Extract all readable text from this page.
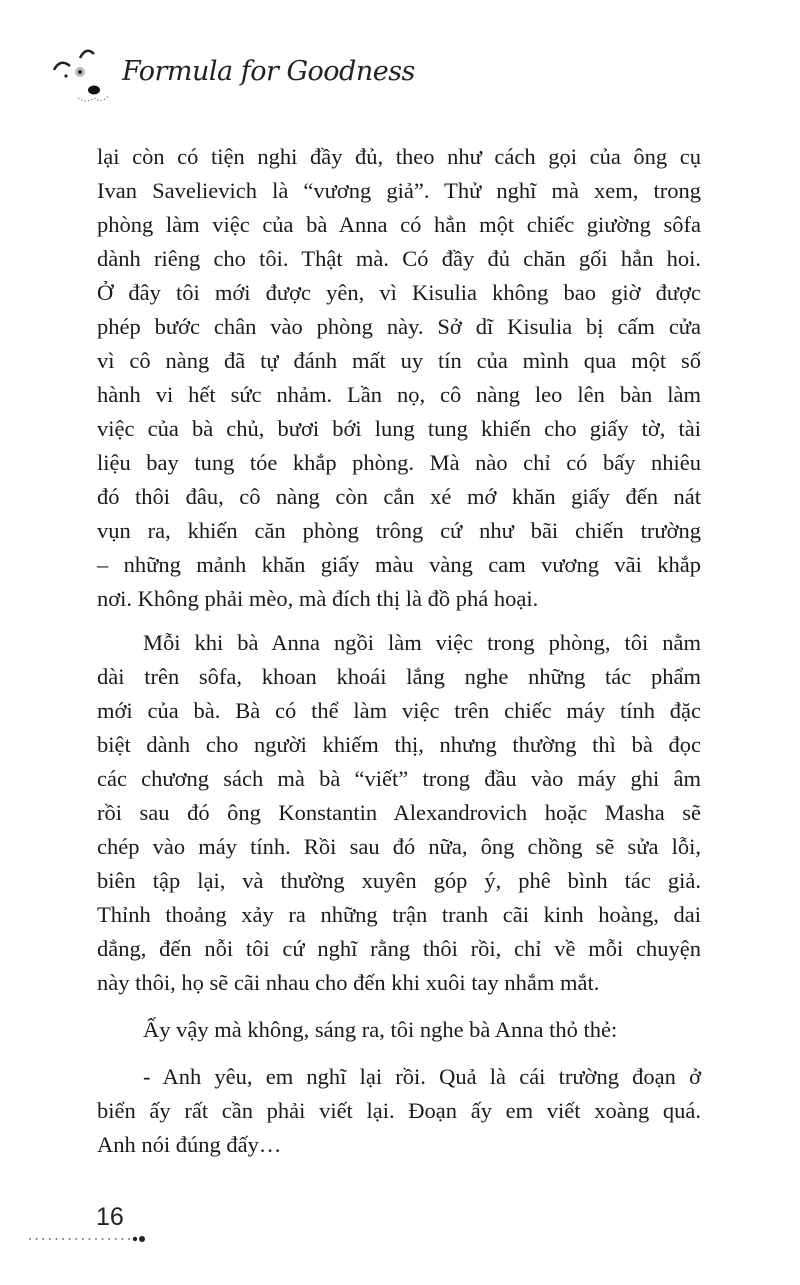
Formula for Goodness
lại còn có tiện nghi đầy đủ, theo như cách gọi của ông cụ
Ivan Savelievich là “vương giả”. Thử nghĩ mà xem, trong
phòng làm việc của bà Anna có hẳn một chiếc giường sôfa
dành riêng cho tôi. Thật mà. Có đầy đủ chăn gối hẳn hoi.
Ở đây tôi mới được yên, vì Kisulia không bao giờ được
phép bước chân vào phòng này. Sở dĩ Kisulia bị cấm cửa
vì cô nàng đã tự đánh mất uy tín của mình qua một số
hành vi hết sức nhảm. Lần nọ, cô nàng leo lên bàn làm
việc của bà chủ, bươi bới lung tung khiến cho giấy tờ, tài
liệu bay tung tóe khắp phòng. Mà nào chỉ có bấy nhiêu
đó thôi đâu, cô nàng còn cắn xé mớ khăn giấy đến nát
vụn ra, khiến căn phòng trông cứ như bãi chiến trường
– những mảnh khăn giấy màu vàng cam vương vãi khắp
nơi. Không phải mèo, mà đích thị là đồ phá hoại.
Mỗi khi bà Anna ngồi làm việc trong phòng, tôi nằm
dài trên sôfa, khoan khoái lắng nghe những tác phẩm
mới của bà. Bà có thể làm việc trên chiếc máy tính đặc
biệt dành cho người khiếm thị, nhưng thường thì bà đọc
các chương sách mà bà “viết” trong đầu vào máy ghi âm
rồi sau đó ông Konstantin Alexandrovich hoặc Masha sẽ
chép vào máy tính. Rồi sau đó nữa, ông chồng sẽ sửa lỗi,
biên tập lại, và thường xuyên góp ý, phê bình tác giả.
Thỉnh thoảng xảy ra những trận tranh cãi kinh hoàng, dai
dẳng, đến nỗi tôi cứ nghĩ rằng thôi rồi, chỉ về mỗi chuyện
này thôi, họ sẽ cãi nhau cho đến khi xuôi tay nhắm mắt.
Ấy vậy mà không, sáng ra, tôi nghe bà Anna thỏ thẻ:
- Anh yêu, em nghĩ lại rồi. Quả là cái trường đoạn ở
biển ấy rất cần phải viết lại. Đoạn ấy em viết xoàng quá.
Anh nói đúng đấy…
16
